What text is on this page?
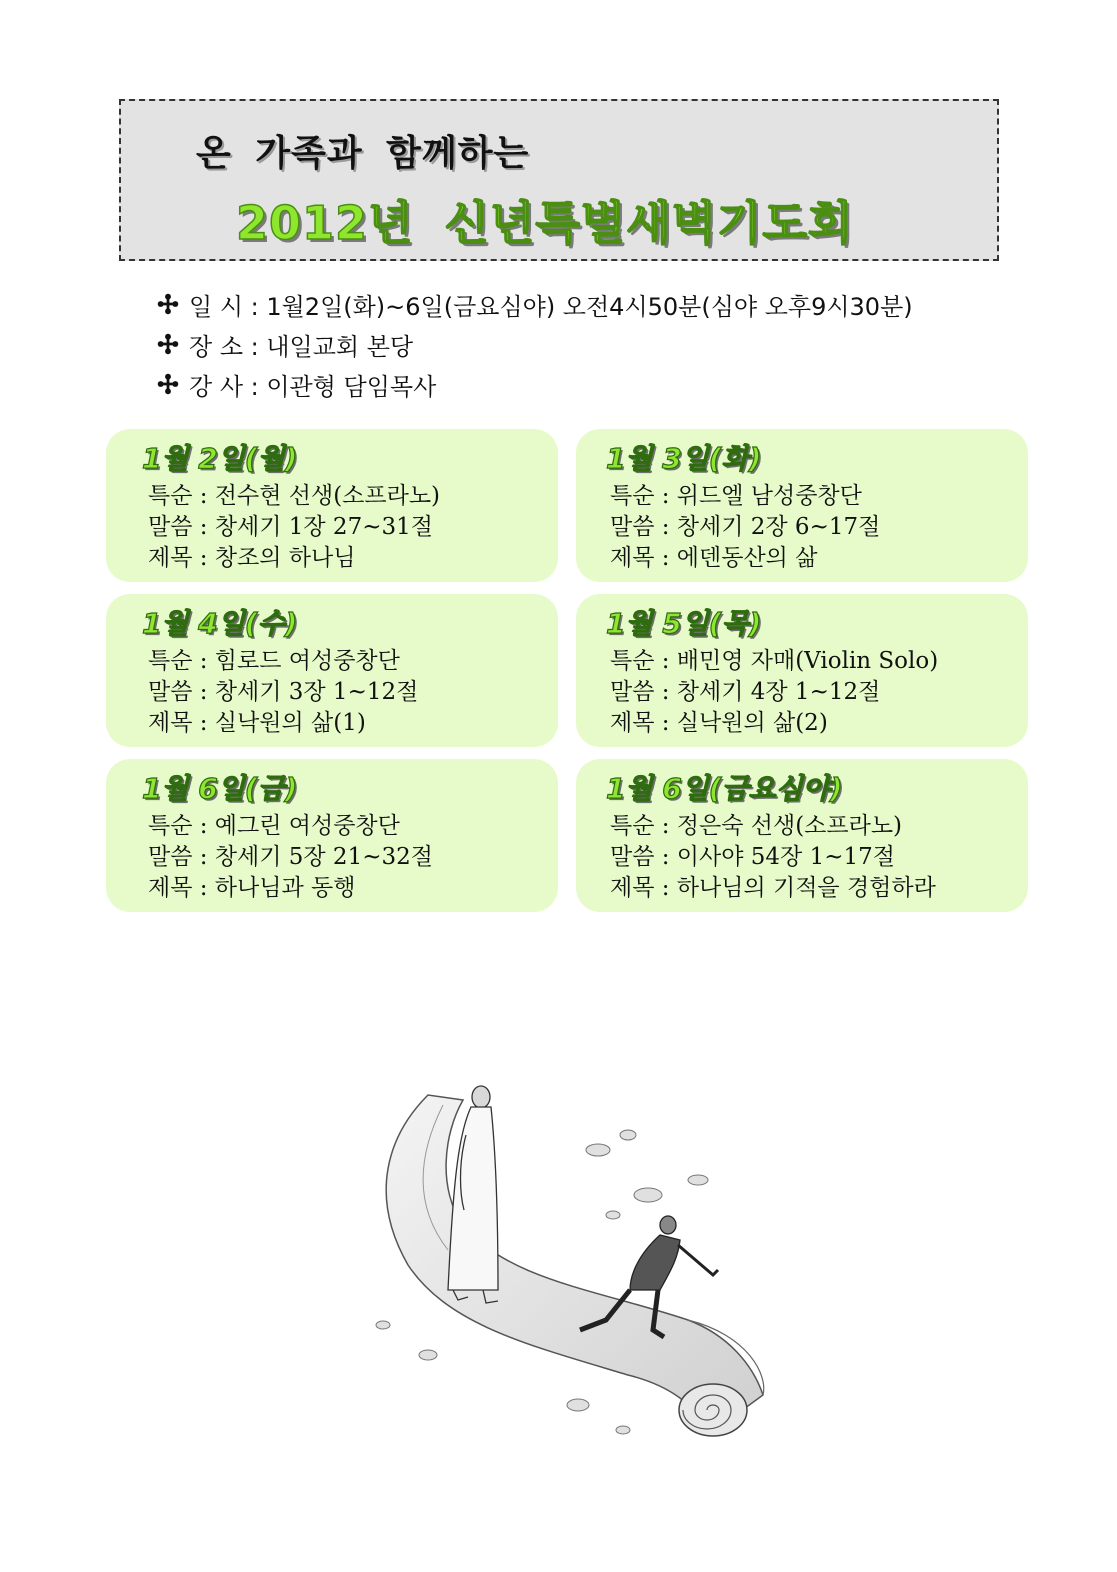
온 가족과 함께하는
2012년 신년특별새벽기도회
일 시 : 1월2일(화)~6일(금요심야) 오전4시50분(심야 오후9시30분)
장 소 : 내일교회 본당
강 사 : 이관형 담임목사
1월 2일(월)
특순 : 전수현 선생(소프라노)
말씀 : 창세기 1장 27~31절
제목 : 창조의 하나님
1월 3일(화)
특순 : 위드엘 남성중창단
말씀 : 창세기 2장 6~17절
제목 : 에덴동산의 삶
1월 4일(수)
특순 : 힘로드 여성중창단
말씀 : 창세기 3장 1~12절
제목 : 실낙원의 삶(1)
1월 5일(목)
특순 : 배민영 자매(Violin Solo)
말씀 : 창세기 4장 1~12절
제목 : 실낙원의 삶(2)
1월 6일(금)
특순 : 예그린 여성중창단
말씀 : 창세기 5장 21~32절
제목 : 하나님과 동행
1월 6일(금요심야)
특순 : 정은숙 선생(소프라노)
말씀 : 이사야 54장 1~17절
제목 : 하나님의 기적을 경험하라
